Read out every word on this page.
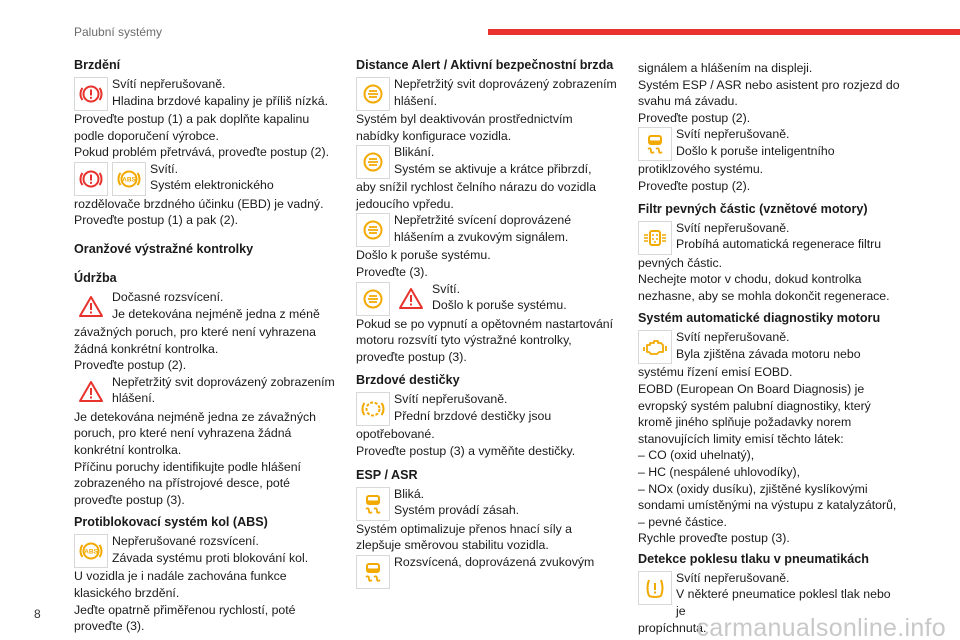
Palubní systémy
Brzdění
Svítí nepřerušovaně.
Hladina brzdové kapaliny je příliš nízká.
Proveďte postup (1) a pak doplňte kapalinu podle doporučení výrobce.
Pokud problém přetrvává, proveďte postup (2).
ABS
Svítí.
Systém elektronického
rozdělovače brzdného účinku (EBD) je vadný.
Proveďte postup (1) a pak (2).
Oranžové výstražné kontrolky
Údržba
Dočasné rozsvícení.
Je detekována nejméně jedna z méně
závažných poruch, pro které není vyhrazena žádná konkrétní kontrolka.
Proveďte postup (2).
Nepřetržitý svit doprovázený zobrazením hlášení.
Je detekována nejméně jedna ze závažných poruch, pro které není vyhrazena žádná konkrétní kontrolka.
Příčinu poruchy identifikujte podle hlášení zobrazeného na přístrojové desce, poté proveďte postup (3).
Protiblokovací systém kol (ABS)
ABS
Nepřerušované rozsvícení.
Závada systému proti blokování kol.
U vozidla je i nadále zachována funkce klasického brzdění.
Jeďte opatrně přiměřenou rychlostí, poté proveďte (3).
Distance Alert / Aktivní bezpečnostní brzda
Nepřetržitý svit doprovázený zobrazením hlášení.
Systém byl deaktivován prostřednictvím nabídky konfigurace vozidla.
Blikání.
Systém se aktivuje a krátce přibrzdí,
aby snížil rychlost čelního nárazu do vozidla jedoucího vpředu.
Nepřetržité svícení doprovázené hlášením a zvukovým signálem.
Došlo k poruše systému.
Proveďte (3).
Svítí.
Došlo k poruše systému.
Pokud se po vypnutí a opětovném nastartování motoru rozsvítí tyto výstražné kontrolky, proveďte postup (3).
Brzdové destičky
Svítí nepřerušovaně.
Přední brzdové destičky jsou
opotřebované.
Proveďte postup (3) a vyměňte destičky.
ESP / ASR
Bliká.
Systém provádí zásah.
Systém optimalizuje přenos hnací síly a zlepšuje směrovou stabilitu vozidla.
Rozsvícená, doprovázená zvukovým
signálem a hlášením na displeji.
Systém ESP / ASR nebo asistent pro rozjezd do svahu má závadu.
Proveďte postup (2).
Svítí nepřerušovaně.
Došlo k poruše inteligentního
protiklzového systému.
Proveďte postup (2).
Filtr pevných částic (vznětové motory)
Svítí nepřerušovaně.
Probíhá automatická regenerace filtru
pevných částic.
Nechejte motor v chodu, dokud kontrolka nezhasne, aby se mohla dokončit regenerace.
Systém automatické diagnostiky motoru
Svítí nepřerušovaně.
Byla zjištěna závada motoru nebo
systému řízení emisí EOBD.
EOBD (European On Board Diagnosis) je evropský systém palubní diagnostiky, který kromě jiného splňuje požadavky norem stanovujících limity emisí těchto látek:
– CO (oxid uhelnatý),
– HC (nespálené uhlovodíky),
– NOx (oxidy dusíku), zjištěné kyslíkovými sondami umístěnými na výstupu z katalyzátorů,
– pevné částice.
Rychle proveďte postup (3).
Detekce poklesu tlaku v pneumatikách
Svítí nepřerušovaně.
V některé pneumatice poklesl tlak nebo je
propíchnutá.
8
carmanualsonline.info
